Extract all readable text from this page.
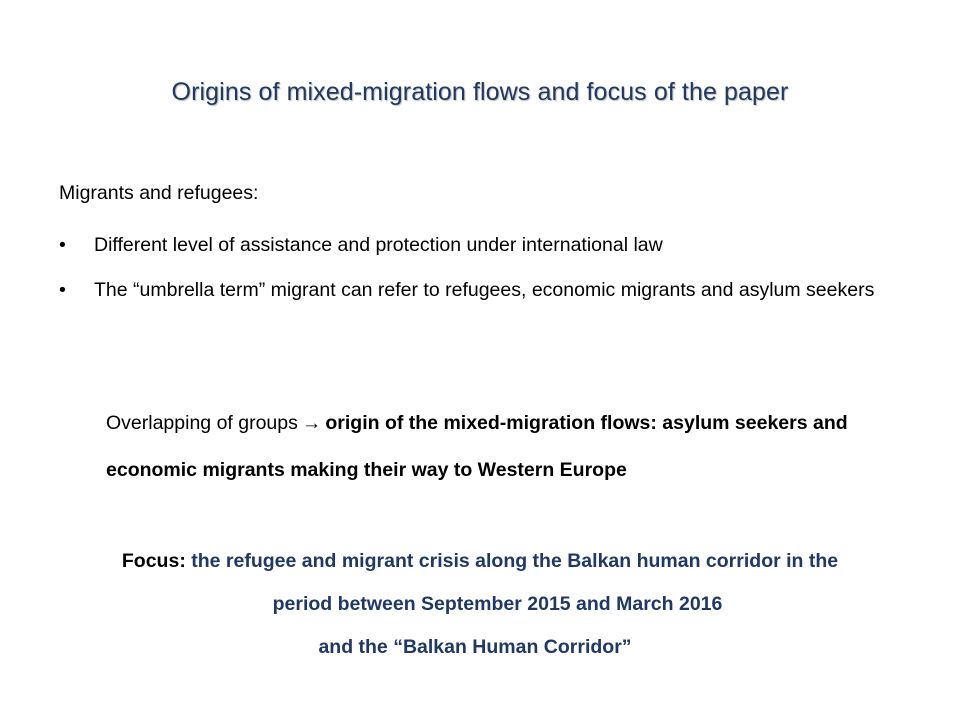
Origins of mixed-migration flows and focus of the paper
Migrants and refugees:
•	Different level of assistance and protection under international law
•	The “umbrella term” migrant can refer to refugees, economic migrants and asylum seekers
Overlapping of groups → origin of the mixed-migration flows: asylum seekers and economic migrants making their way to Western Europe
Focus: the refugee and migrant crisis along the Balkan human corridor in the
period between September 2015 and March 2016
and the “Balkan Human Corridor”
